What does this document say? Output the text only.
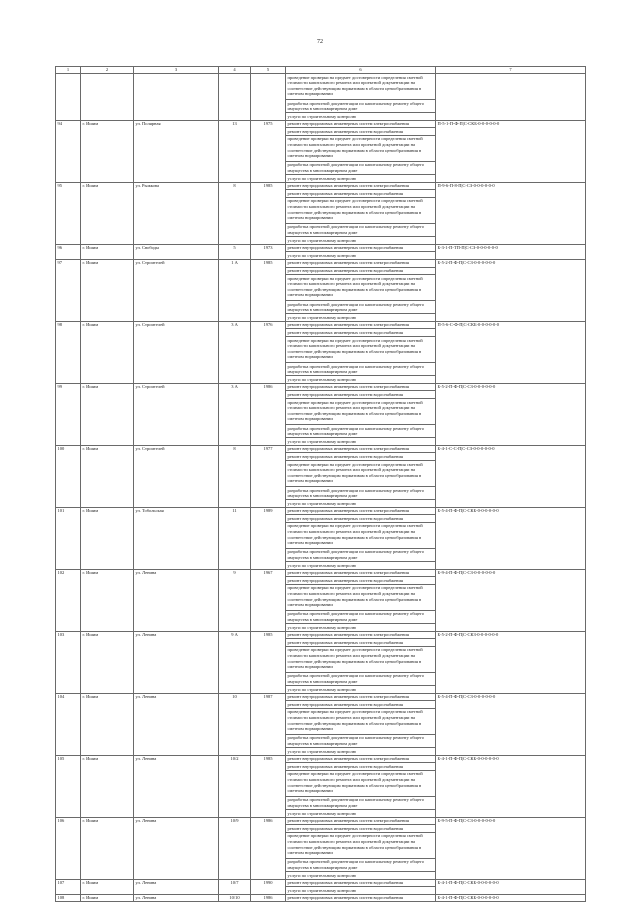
72
1	2	3	4	5	6	7
					проведение проверки на предмет достоверности определения сметной стоимости капитального ремонта или проектной документации на соответствие действующим нормативам в области ценообразования в сметном нормировании	
					разработка проектной документации по капитальному ремонту общего имущества в многоквартирном доме	
					услуги по строительному контролю	
94	г. Ишим	ул. Полярная	13	1975	ремонт внутридомовых инженерных систем электроснабжения	П-5-1-П-Ф-П|С-СКБ-0-0-0-0-0-0
					ремонт внутридомовых инженерных систем водоснабжения	
					проведение проверки на предмет достоверности определения сметной стоимости капитального ремонта или проектной документации на соответствие действующим нормативам в области ценообразования в сметном нормировании	
					разработка проектной документации по капитальному ремонту общего имущества в многоквартирном доме	
					услуги по строительному контролю	
95	г. Ишим	ул. Рыжкова	8	1985	ремонт внутридомовых инженерных систем электроснабжения	П-9-6-П-8-П|С-СЗ-0-0-0-0-0-0
					ремонт внутридомовых инженерных систем водоснабжения	
					проведение проверки на предмет достоверности определения сметной стоимости капитального ремонта или проектной документации на соответствие действующим нормативам в области ценообразования в сметном нормировании	
					разработка проектной документации по капитальному ремонту общего имущества в многоквартирном доме	
					услуги по строительному контролю	
96	г. Ишим	ул. Свободы	5	1973	ремонт внутридомовых инженерных систем водоснабжения	Б-3-1-П-ТП-П|С-СЗ-0-0-0-0-0-0
					услуги по строительному контролю	
97	г. Ишим	ул. Строителей	1 А	1985	ремонт внутридомовых инженерных систем электроснабжения	Б-5-2-П-Ф-П|С-СЗ-0-0-0-0-0-0
					ремонт внутридомовых инженерных систем водоснабжения	
					проведение проверки на предмет достоверности определения сметной стоимости капитального ремонта или проектной документации на соответствие действующим нормативам в области ценообразования в сметном нормировании	
					разработка проектной документации по капитальному ремонту общего имущества в многоквартирном доме	
					услуги по строительному контролю	
98	г. Ишим	ул. Строителей	3 А	1976	ремонт внутридомовых инженерных систем электроснабжения	П-5-6-С-Ф-П|С-СКБ-0-0-0-0-0-0
					ремонт внутридомовых инженерных систем водоснабжения	
					проведение проверки на предмет достоверности определения сметной стоимости капитального ремонта или проектной документации на соответствие действующим нормативам в области ценообразования в сметном нормировании	
					разработка проектной документации по капитальному ремонту общего имущества в многоквартирном доме	
					услуги по строительному контролю	
99	г. Ишим	ул. Строителей	3 А	1986	ремонт внутридомовых инженерных систем электроснабжения	Б-5-2-П-Ф-П|С-СЗ-0-0-0-0-0-0
					ремонт внутридомовых инженерных систем водоснабжения	
					проведение проверки на предмет достоверности определения сметной стоимости капитального ремонта или проектной документации на соответствие действующим нормативам в области ценообразования в сметном нормировании	
					разработка проектной документации по капитальному ремонту общего имущества в многоквартирном доме	
					услуги по строительному контролю	
100	г. Ишим	ул. Строителей	8	1977	ремонт внутридомовых инженерных систем электроснабжения	Б-4-1-С-С-П|С-СЗ-0-0-0-0-0-0
					ремонт внутридомовых инженерных систем водоснабжения	
					проведение проверки на предмет достоверности определения сметной стоимости капитального ремонта или проектной документации на соответствие действующим нормативам в области ценообразования в сметном нормировании	
					разработка проектной документации по капитальному ремонту общего имущества в многоквартирном доме	
					услуги по строительному контролю	
101	г. Ишим	ул. Тобольская	11	1989	ремонт внутридомовых инженерных систем электроснабжения	Б-5-4-П-Ф-П|С-СКБ-0-0-0-0-0-0
					ремонт внутридомовых инженерных систем водоснабжения	
					проведение проверки на предмет достоверности определения сметной стоимости капитального ремонта или проектной документации на соответствие действующим нормативам в области ценообразования в сметном нормировании	
					разработка проектной документации по капитальному ремонту общего имущества в многоквартирном доме	
					услуги по строительному контролю	
102	г. Ишим	ул. Ленина	9	1967	ремонт внутридомовых инженерных систем электроснабжения	Б-9-4-П-Ф-П|С-СЗ-0-0-0-0-0-0
					ремонт внутридомовых инженерных систем водоснабжения	
					проведение проверки на предмет достоверности определения сметной стоимости капитального ремонта или проектной документации на соответствие действующим нормативам в области ценообразования в сметном нормировании	
					разработка проектной документации по капитальному ремонту общего имущества в многоквартирном доме	
					услуги по строительному контролю	
103	г. Ишим	ул. Ленина	9 А	1985	ремонт внутридомовых инженерных систем электроснабжения	Б-5-2-П-Ф-П|С-СКЗ-0-0-0-0-0-0
					ремонт внутридомовых инженерных систем водоснабжения	
					проведение проверки на предмет достоверности определения сметной стоимости капитального ремонта или проектной документации на соответствие действующим нормативам в области ценообразования в сметном нормировании	
					разработка проектной документации по капитальному ремонту общего имущества в многоквартирном доме	
					услуги по строительному контролю	
104	г. Ишим	ул. Ленина	10	1987	ремонт внутридомовых инженерных систем электроснабжения	Б-5-4-П-Ф-П|С-СЗ-0-0-0-0-0-0
					ремонт внутридомовых инженерных систем водоснабжения	
					проведение проверки на предмет достоверности определения сметной стоимости капитального ремонта или проектной документации на соответствие действующим нормативам в области ценообразования в сметном нормировании	
					разработка проектной документации по капитальному ремонту общего имущества в многоквартирном доме	
					услуги по строительному контролю	
105	г. Ишим	ул. Ленина	10/2	1985	ремонт внутридомовых инженерных систем электроснабжения	Б-4-1-П-Ф-П|С-СКБ-0-0-0-0-0-0
					ремонт внутридомовых инженерных систем водоснабжения	
					проведение проверки на предмет достоверности определения сметной стоимости капитального ремонта или проектной документации на соответствие действующим нормативам в области ценообразования в сметном нормировании	
					разработка проектной документации по капитальному ремонту общего имущества в многоквартирном доме	
					услуги по строительному контролю	
106	г. Ишим	ул. Ленина	10/9	1986	ремонт внутридомовых инженерных систем электроснабжения	Б-9-5-П-Ф-П|С-СЗ-0-0-0-0-0-0
					ремонт внутридомовых инженерных систем водоснабжения	
					проведение проверки на предмет достоверности определения сметной стоимости капитального ремонта или проектной документации на соответствие действующим нормативам в области ценообразования в сметном нормировании	
					разработка проектной документации по капитальному ремонту общего имущества в многоквартирном доме	
					услуги по строительному контролю	
107	г. Ишим	ул. Ленина	10/7	1990	ремонт внутридомовых инженерных систем водоснабжения	Б-4-1-П-Ф-П|С-СКБ-0-0-0-0-0-0
					услуги по строительному контролю	
108	г. Ишим	ул. Ленина	10/10	1986	ремонт внутридомовых инженерных систем водоснабжения	Б-4-1-П-Ф-П|С-СКБ-0-0-0-0-0-0
